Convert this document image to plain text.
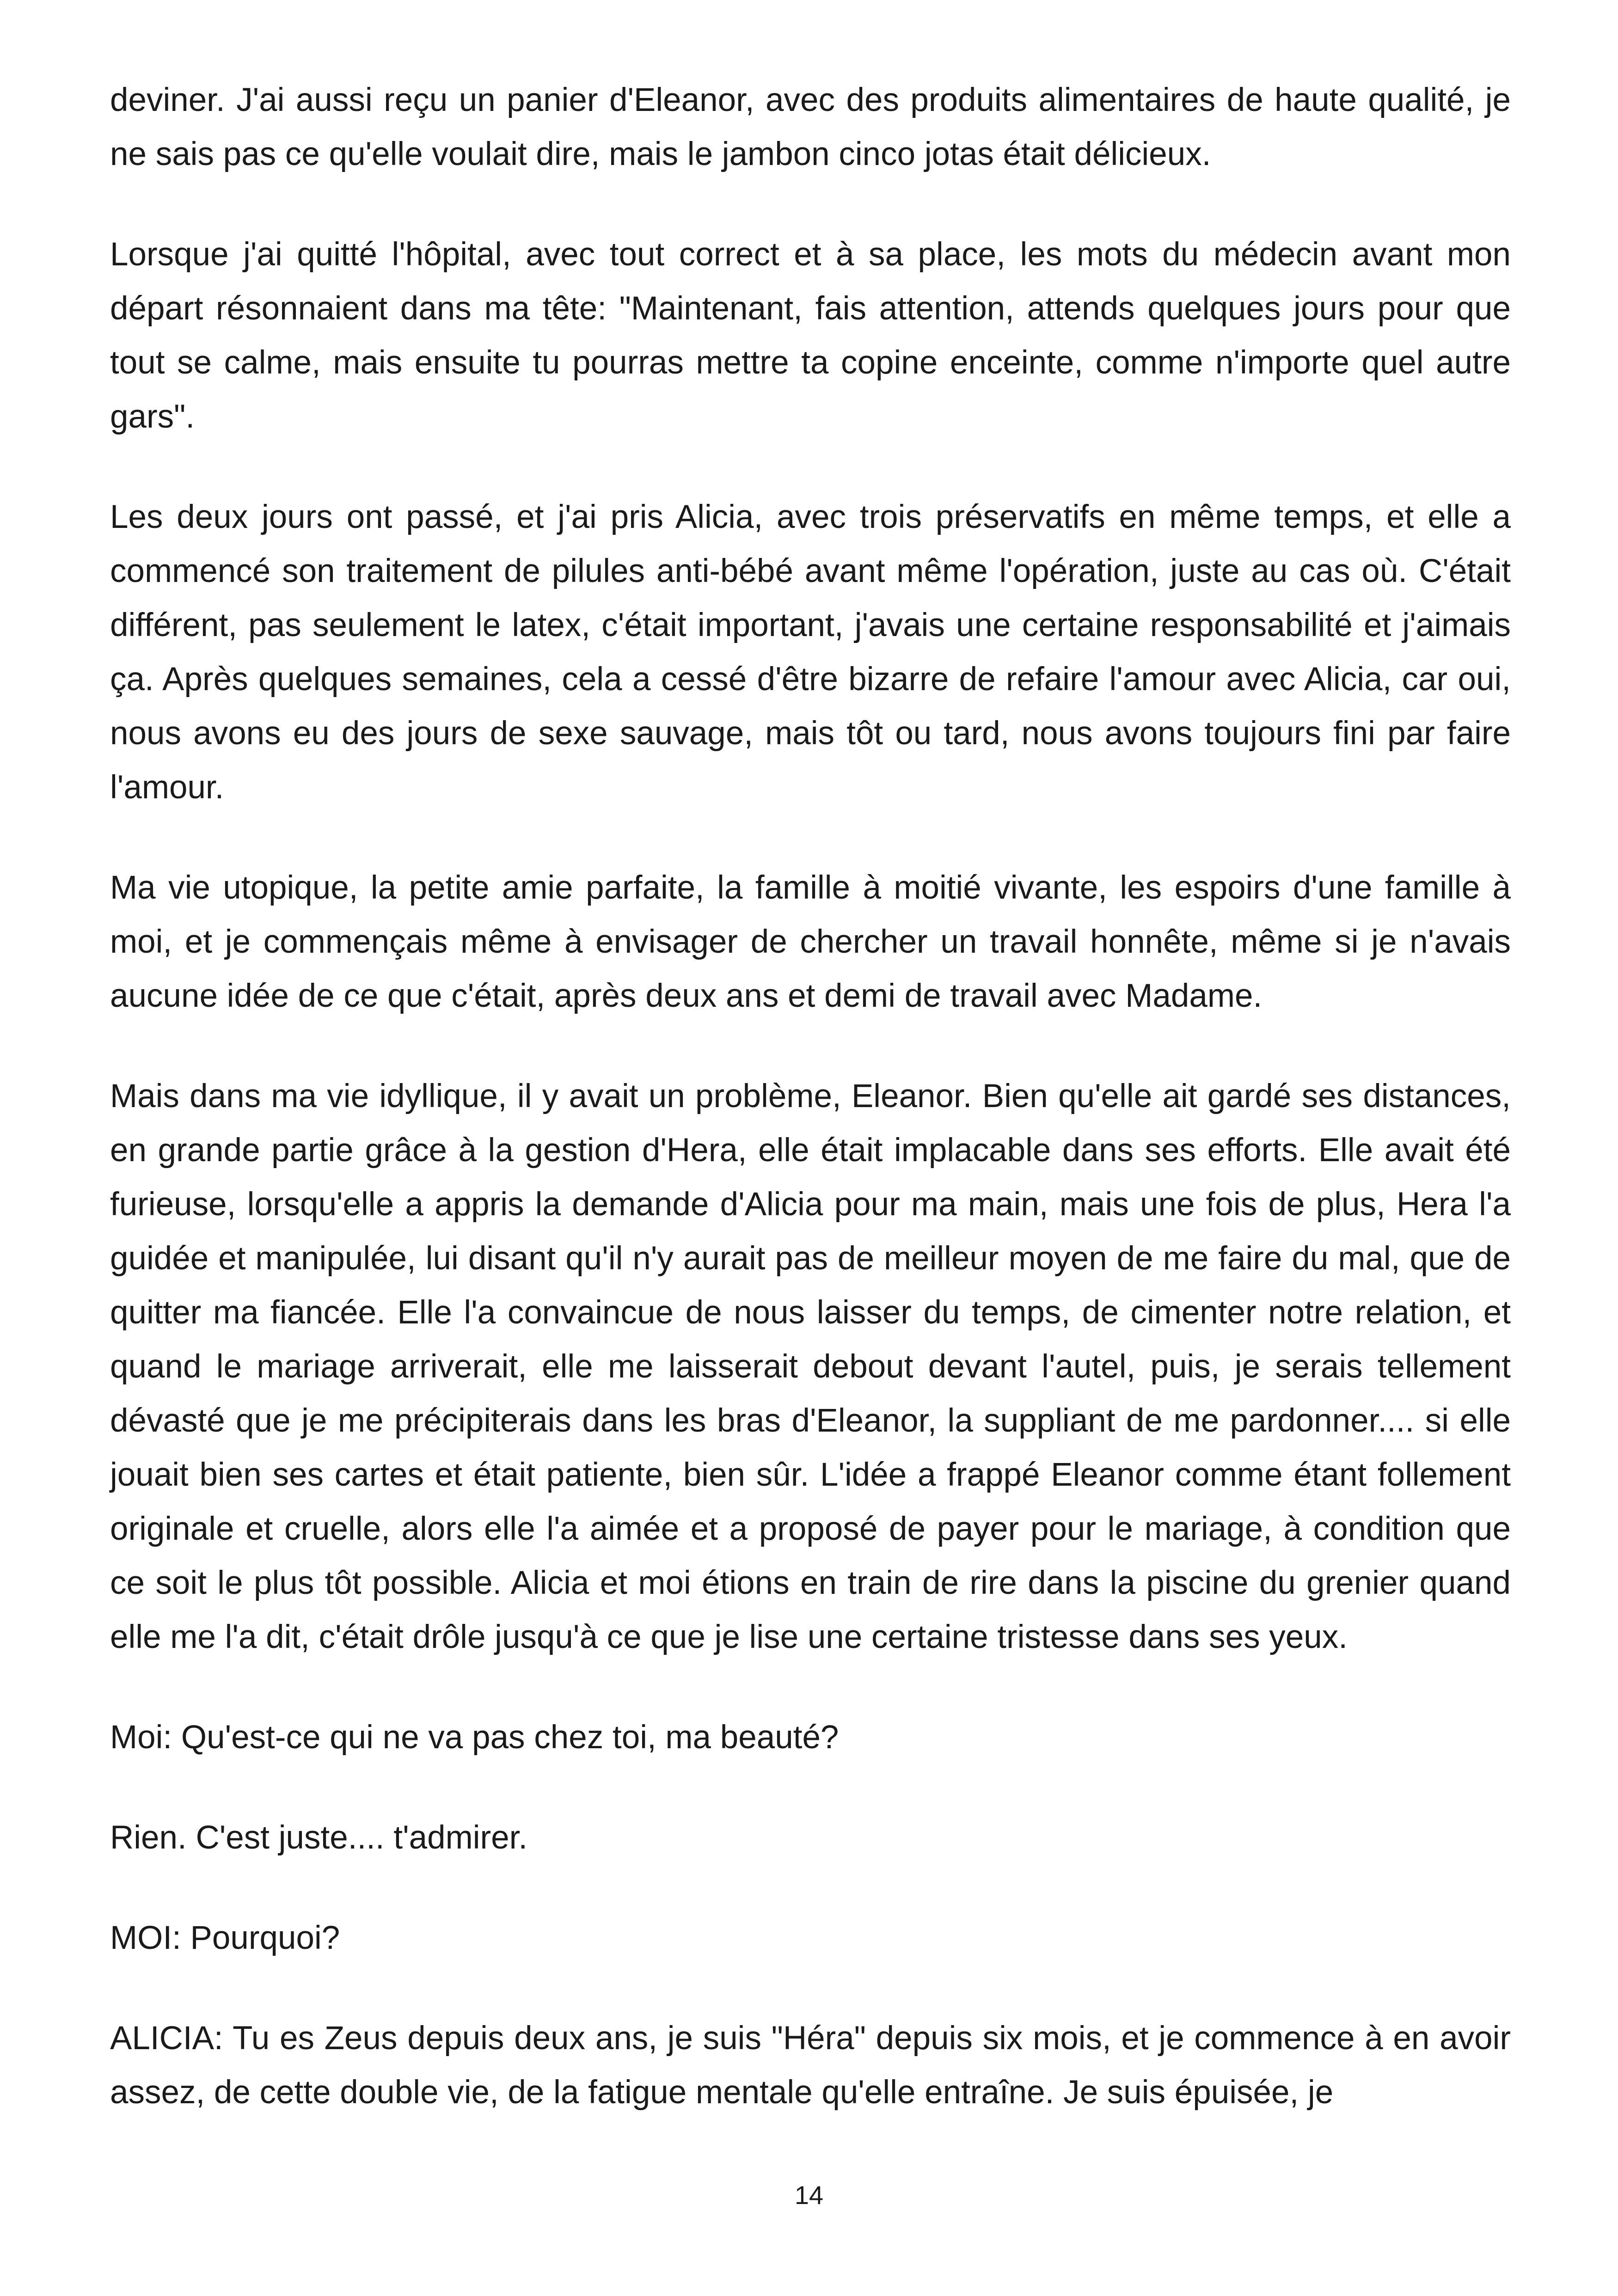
deviner. J'ai aussi reçu un panier d'Eleanor, avec des produits alimentaires de haute qualité, je ne sais pas ce qu'elle voulait dire, mais le jambon cinco jotas était délicieux.

Lorsque j'ai quitté l'hôpital, avec tout correct et à sa place, les mots du médecin avant mon départ résonnaient dans ma tête: "Maintenant, fais attention, attends quelques jours pour que tout se calme, mais ensuite tu pourras mettre ta copine enceinte, comme n'importe quel autre gars".

Les deux jours ont passé, et j'ai pris Alicia, avec trois préservatifs en même temps, et elle a commencé son traitement de pilules anti-bébé avant même l'opération, juste au cas où. C'était différent, pas seulement le latex, c'était important, j'avais une certaine responsabilité et j'aimais ça. Après quelques semaines, cela a cessé d'être bizarre de refaire l'amour avec Alicia, car oui, nous avons eu des jours de sexe sauvage, mais tôt ou tard, nous avons toujours fini par faire l'amour.

Ma vie utopique, la petite amie parfaite, la famille à moitié vivante, les espoirs d'une famille à moi, et je commençais même à envisager de chercher un travail honnête, même si je n'avais aucune idée de ce que c'était, après deux ans et demi de travail avec Madame.

Mais dans ma vie idyllique, il y avait un problème, Eleanor. Bien qu'elle ait gardé ses distances, en grande partie grâce à la gestion d'Hera, elle était implacable dans ses efforts. Elle avait été furieuse, lorsqu'elle a appris la demande d'Alicia pour ma main, mais une fois de plus, Hera l'a guidée et manipulée, lui disant qu'il n'y aurait pas de meilleur moyen de me faire du mal, que de quitter ma fiancée. Elle l'a convaincue de nous laisser du temps, de cimenter notre relation, et quand le mariage arriverait, elle me laisserait debout devant l'autel, puis, je serais tellement dévasté que je me précipiterais dans les bras d'Eleanor, la suppliant de me pardonner.... si elle jouait bien ses cartes et était patiente, bien sûr. L'idée a frappé Eleanor comme étant follement originale et cruelle, alors elle l'a aimée et a proposé de payer pour le mariage, à condition que ce soit le plus tôt possible. Alicia et moi étions en train de rire dans la piscine du grenier quand elle me l'a dit, c'était drôle jusqu'à ce que je lise une certaine tristesse dans ses yeux.

Moi: Qu'est-ce qui ne va pas chez toi, ma beauté?

Rien. C'est juste.... t'admirer.

MOI: Pourquoi?

ALICIA: Tu es Zeus depuis deux ans, je suis "Héra" depuis six mois, et je commence à en avoir assez, de cette double vie, de la fatigue mentale qu'elle entraîne. Je suis épuisée, je

14
